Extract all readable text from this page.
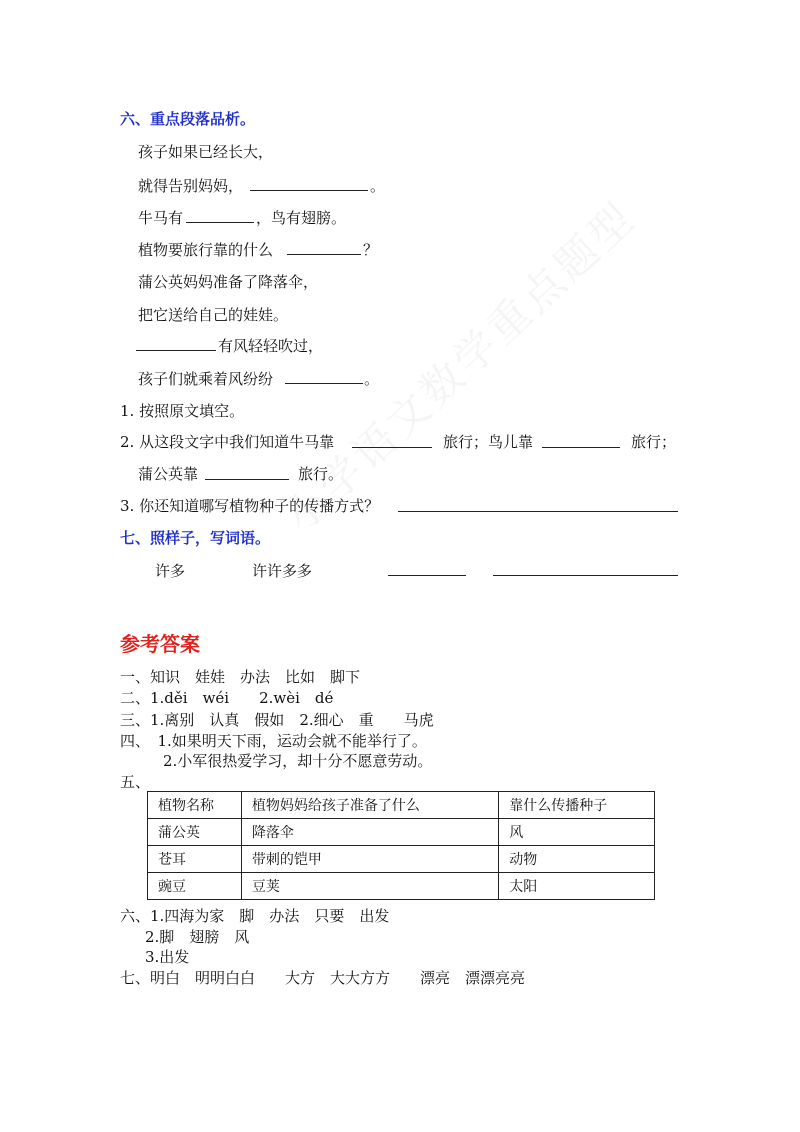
六、重点段落品析。
孩子如果已经长大，
就得告别妈妈，	。
牛马有	，鸟有翅膀。
植物要旅行靠的什么	？
蒲公英妈妈准备了降落伞，
把它送给自己的娃娃。
有风轻轻吹过，
孩子们就乘着风纷纷	。
1. 按照原文填空。
2. 从这段文字中我们知道牛马靠	旅行；鸟儿靠	旅行；
蒲公英靠	旅行。
3. 你还知道哪写植物种子的传播方式？
七、照样子，写词语。
许多	许许多多
参考答案
一、知识　娃娃　办法　比如　脚下
二、1.děi　wéi　　2.wèi　dé
三、1.离别　认真　假如　2.细心　重　　马虎
四、　1.如果明天下雨，运动会就不能举行了。
2.小军很热爱学习，却十分不愿意劳动。
五、
植物名称	植物妈妈给孩子准备了什么	靠什么传播种子
蒲公英	降落伞	风
苍耳	带刺的铠甲	动物
豌豆	豆荚	太阳
六、1.四海为家　脚　办法　只要　出发
2.脚　翅膀　风
3.出发
七、明白　明明白白　　大方　大大方方　　漂亮　漂漂亮亮
